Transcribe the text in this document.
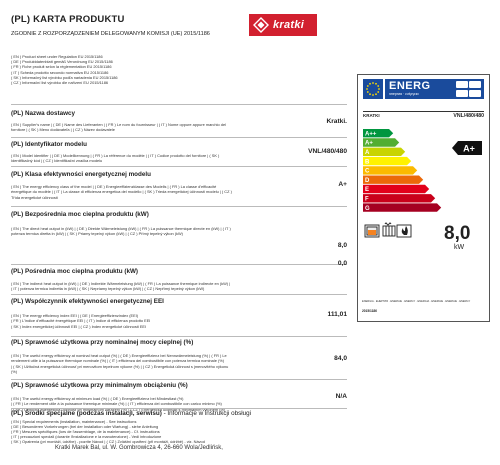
(PL) KARTA PRODUKTU
ZGODNIE Z ROZPORZĄDZENIEM DELEGOWANYM KOMISJI (UE) 2015/1186
kratki
( EN ) Product sheet under Regulation EU 2015/1186
( DE ) Produktdatenblatt gemäß Verordnung EU 2015/1186
( FR ) Fiche produit selon la réglementation EU 2015/1186
( IT ) Scheda prodotto secondo normativa EU 2015/1186
( SK ) Informačný list výrobku podľa nariadenia EU 2015/1186
( CZ ) Informační list výrobku dle nařízení EU 2015/1186
(PL) Nazwa dostawcy
Kratki.
( EN ) Supplier's name | ( DE ) Name des Lieferanten | ( FR ) Le nom du fournisseur | ( IT ) Nome oppure appure marchio del
fornitore | ( SK ) Meno dodávateľa | ( CZ ) Název dodavatele
(PL) Identyfikator modelu
VNL/480/480
( EN ) Model identifier | ( DE ) Modellkennung | ( FR ) La référence du modèle | ( IT ) Codice prodotto del fornitore | ( SK )
Identifikačný kód | ( CZ ) Identifikační značka modelu
(PL) Klasa efektywności energetycznej modelu
A+
( EN ) The energy efficiency class of the model | ( DE ) Energieeffizienzklasse des Modells | ( FR ) La classe d'efficacité
énergétique du modèle | ( IT ) La classe di efficienza energetica del modello | ( SK ) Trieda energetickej účinnosti modelu | ( CZ )
Třída energetické účinnosti
(PL) Bezpośrednia moc cieplna produktu (kW)
8,0
( EN ) The direct heat output in (kW) | ( DE ) Direkte Wärmeleistung (kW) | ( FR ) La puissance thermique directe en (kW) | ( IT )
potenza termica diretta in (kW) | ( SK ) Priamy tepelný výkon (kW) | ( CZ ) Přímý tepelný výkon (kW)
(PL) Pośrednia moc cieplna produktu (kW)
0,0
( EN ) The indirect heat output in (kW) | ( DE ) Indirekte Wärmeleistung (kW) | ( FR ) La puissance thermique indirecte en (kW) |
( IT ) potenza termica indiretta in (kW) | ( SK ) Nepriamy tepelný výkon (kW) | ( CZ ) Nepřímý tepelný výkon (kW)
(PL) Współczynnik efektywności energetycznej EEI
111,01
( EN ) The energy efficiency index EEI | ( DE ) Energieeffizienzindex (EEI)
( FR ) L'indice d'efficacité énergétique EEI | ( IT ) Indice di efficienza prodotto EEI
( SK ) Index energetickej účinnosti EEI | ( CZ ) Index energetické účinnosti EEI
(PL) Sprawność użytkowa przy nominalnej mocy cieplnej (%)
84,0
( EN ) The useful energy efficiency at nominal heat output (%) | ( DE ) Energieeffizienz bei Nennwärmeleistung (%) | ( FR ) Le
rendement utile à la puissance thermique nominale (%) | ( IT ) efficienza del combustibile con potenza termica nominale (%)
| ( SK ) Užitočná energetická účinnosť pri menovitom tepelnom výkone (%) | ( CZ ) Energetická účinnost s jmenovitého výkonu
(%)
(PL) Sprawność użytkowa przy minimalnym obciążeniu (%)
N/A
( EN ) The useful energy efficiency at minimum load (%) | ( DE ) Energieeffizienz bei Mindestlast (%)
| ( FR ) Le rendement utile à la puissance thermique minimale (%) | ( IT ) efficienza del combustibile con carico minimo (%)
| ( SK ) Užitočná energetická účinnosť pri minimálnom zaťažení (%) | ( CZ ) Energetická účinnost s minimálním výkonem (%)
(PL) Środki specjalne (podczas instalacji, serwisu) - Informacje w instrukcji obsługi
( EN ) Special requirements (installation, maintenance) - See instructions
( DE ) Besonderen Vorkehrungen (bei der Installation oder Wartung) - siehe Anleitung
( FR ) Mesures spécifiques (lors de l'assemblage, de la maintenance) - Cf. instructions
( IT ) precauzioni speciali (durante l'installazione e la manutenzione) - Vedi introduzione
( SK ) Opatrenia (pri montáži, údržbe) - pozrite Návod | ( CZ ) Zvláštní opatření (při montáži, údržbě) - viz. Návod
Kratki Marek Bal, ul. W. Gombrowicza 4, 26-660 Wola/Jedlińsk,
ENERG
энергия · ενέργεια
KRATKI	VNL/480/480
A++
A+
A
B
C
D
E
F
G
A+
8,0
kW
ENERGIA · ЕНЕРГИЯ · ENERGIE · ENERGY · ENERGIA · ENERGIE · ENERGIE · ENERGY
2015/1186
